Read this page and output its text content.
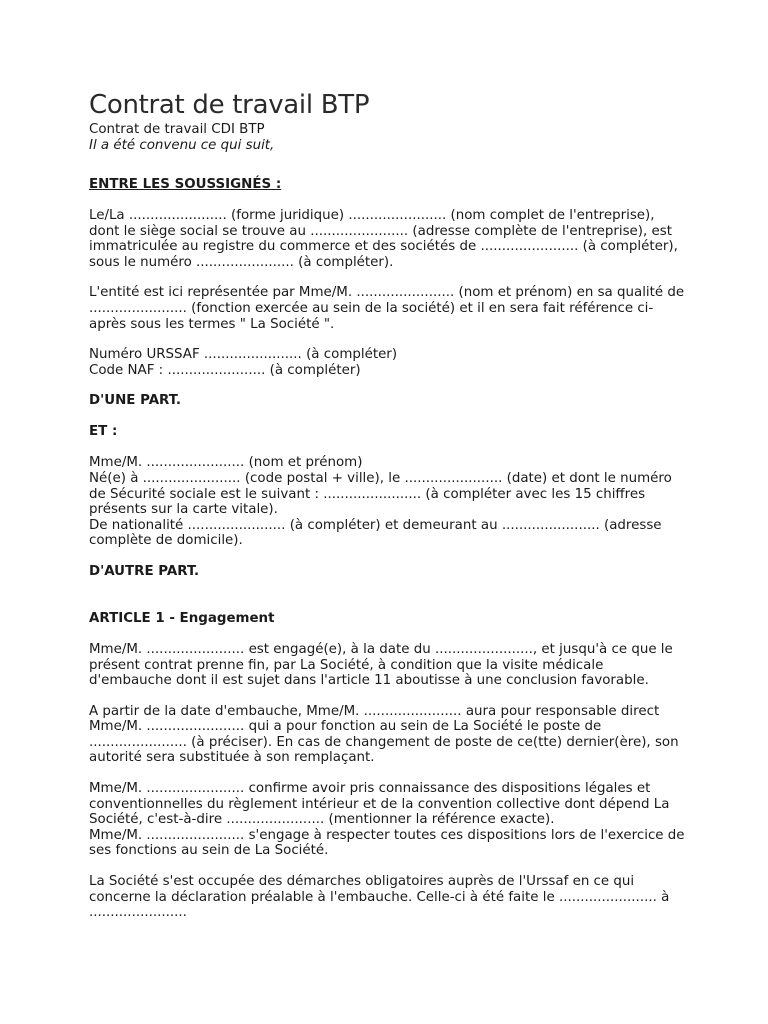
Contrat de travail BTP

Contrat de travail CDI BTP

Il a été convenu ce qui suit,

ENTRE LES SOUSSIGNÉS :

Le/La ....................... (forme juridique) ....................... (nom complet de l'entreprise), dont le siège social se trouve au ....................... (adresse complète de l'entreprise), est immatriculée au registre du commerce et des sociétés de ....................... (à compléter), sous le numéro ....................... (à compléter).

L'entité est ici représentée par Mme/M. ....................... (nom et prénom) en sa qualité de ....................... (fonction exercée au sein de la société) et il en sera fait référence ci-après sous les termes " La Société ".

Numéro URSSAF ....................... (à compléter)

Code NAF : ....................... (à compléter)

D'UNE PART.

ET :

Mme/M. ....................... (nom et prénom)

Né(e) à ....................... (code postal + ville), le ....................... (date) et dont le numéro de Sécurité sociale est le suivant : ....................... (à compléter avec les 15 chiffres présents sur la carte vitale).

De nationalité ....................... (à compléter) et demeurant au ....................... (adresse complète de domicile).

D'AUTRE PART.

ARTICLE 1 - Engagement

Mme/M. ....................... est engagé(e), à la date du ......................., et jusqu'à ce que le présent contrat prenne fin, par La Société, à condition que la visite médicale d'embauche dont il est sujet dans l'article 11 aboutisse à une conclusion favorable.

A partir de la date d'embauche, Mme/M. ....................... aura pour responsable direct Mme/M. ....................... qui a pour fonction au sein de La Société le poste de ....................... (à préciser). En cas de changement de poste de ce(tte) dernier(ère), son autorité sera substituée à son remplaçant.

Mme/M. ....................... confirme avoir pris connaissance des dispositions légales et conventionnelles du règlement intérieur et de la convention collective dont dépend La Société, c'est-à-dire ....................... (mentionner la référence exacte).

Mme/M. ....................... s'engage à respecter toutes ces dispositions lors de l'exercice de ses fonctions au sein de La Société.

La Société s'est occupée des démarches obligatoires auprès de l'Urssaf en ce qui concerne la déclaration préalable à l'embauche. Celle-ci à été faite le ....................... à .......................
